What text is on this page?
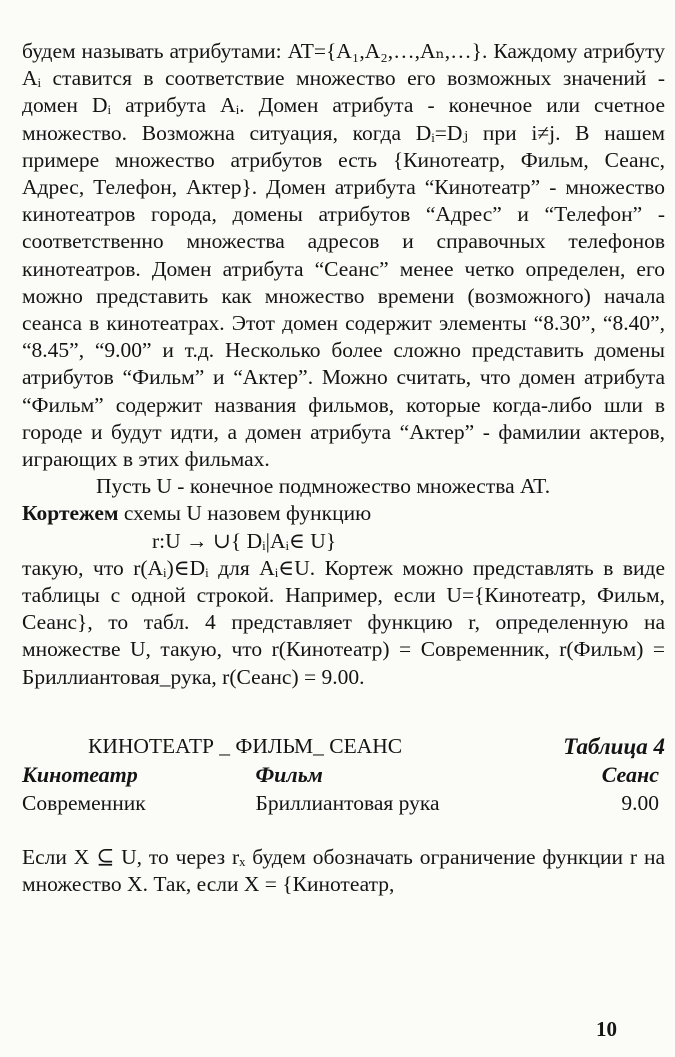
будем называть атрибутами: AT={A₁,A₂,…,Aₙ,…}. Каждому атрибуту Aᵢ ставится в соответствие множество его возможных значений - домен Dᵢ атрибута Aᵢ. Домен атрибута - конечное или счетное множество. Возможна ситуация, когда Dᵢ=Dⱼ при i≠j. В нашем примере множество атрибутов есть {Кинотеатр, Фильм, Сеанс, Адрес, Телефон, Актер}. Домен атрибута “Кинотеатр” - множество кинотеатров города, домены атрибутов “Адрес” и “Телефон” - соответственно множества адресов и справочных телефонов кинотеатров. Домен атрибута “Сеанс” менее четко определен, его можно представить как множество времени (возможного) начала сеанса в кинотеатрах. Этот домен содержит элементы “8.30”, “8.40”, “8.45”, “9.00” и т.д. Несколько более сложно представить домены атрибутов “Фильм” и “Актер”. Можно считать, что домен атрибута “Фильм” содержит названия фильмов, которые когда-либо шли в городе и будут идти, а домен атрибута “Актер” - фамилии актеров, играющих в этих фильмах.

Пусть U - конечное подмножество множества AT.

Кортежем схемы U назовем функцию

r:U → ∪{ Dᵢ|Aᵢ∈ U}

такую, что r(Aᵢ)∈Dᵢ для Aᵢ∈U. Кортеж можно представлять в виде таблицы с одной строкой. Например, если U={Кинотеатр, Фильм, Сеанс}, то табл. 4 представляет функцию r, определенную на множестве U, такую, что r(Кинотеатр) = Современник, r(Фильм) = Бриллиантовая_рука, r(Сеанс) = 9.00.

КИНОТЕАТР _ ФИЛЬМ_ СЕАНС	Таблица 4
Кинотеатр	Фильм	Сеанс
Современник	Бриллиантовая рука	9.00

Если X ⊆ U, то через rₓ будем обозначать ограничение функции r на множество X. Так, если X = {Кинотеатр,

10
